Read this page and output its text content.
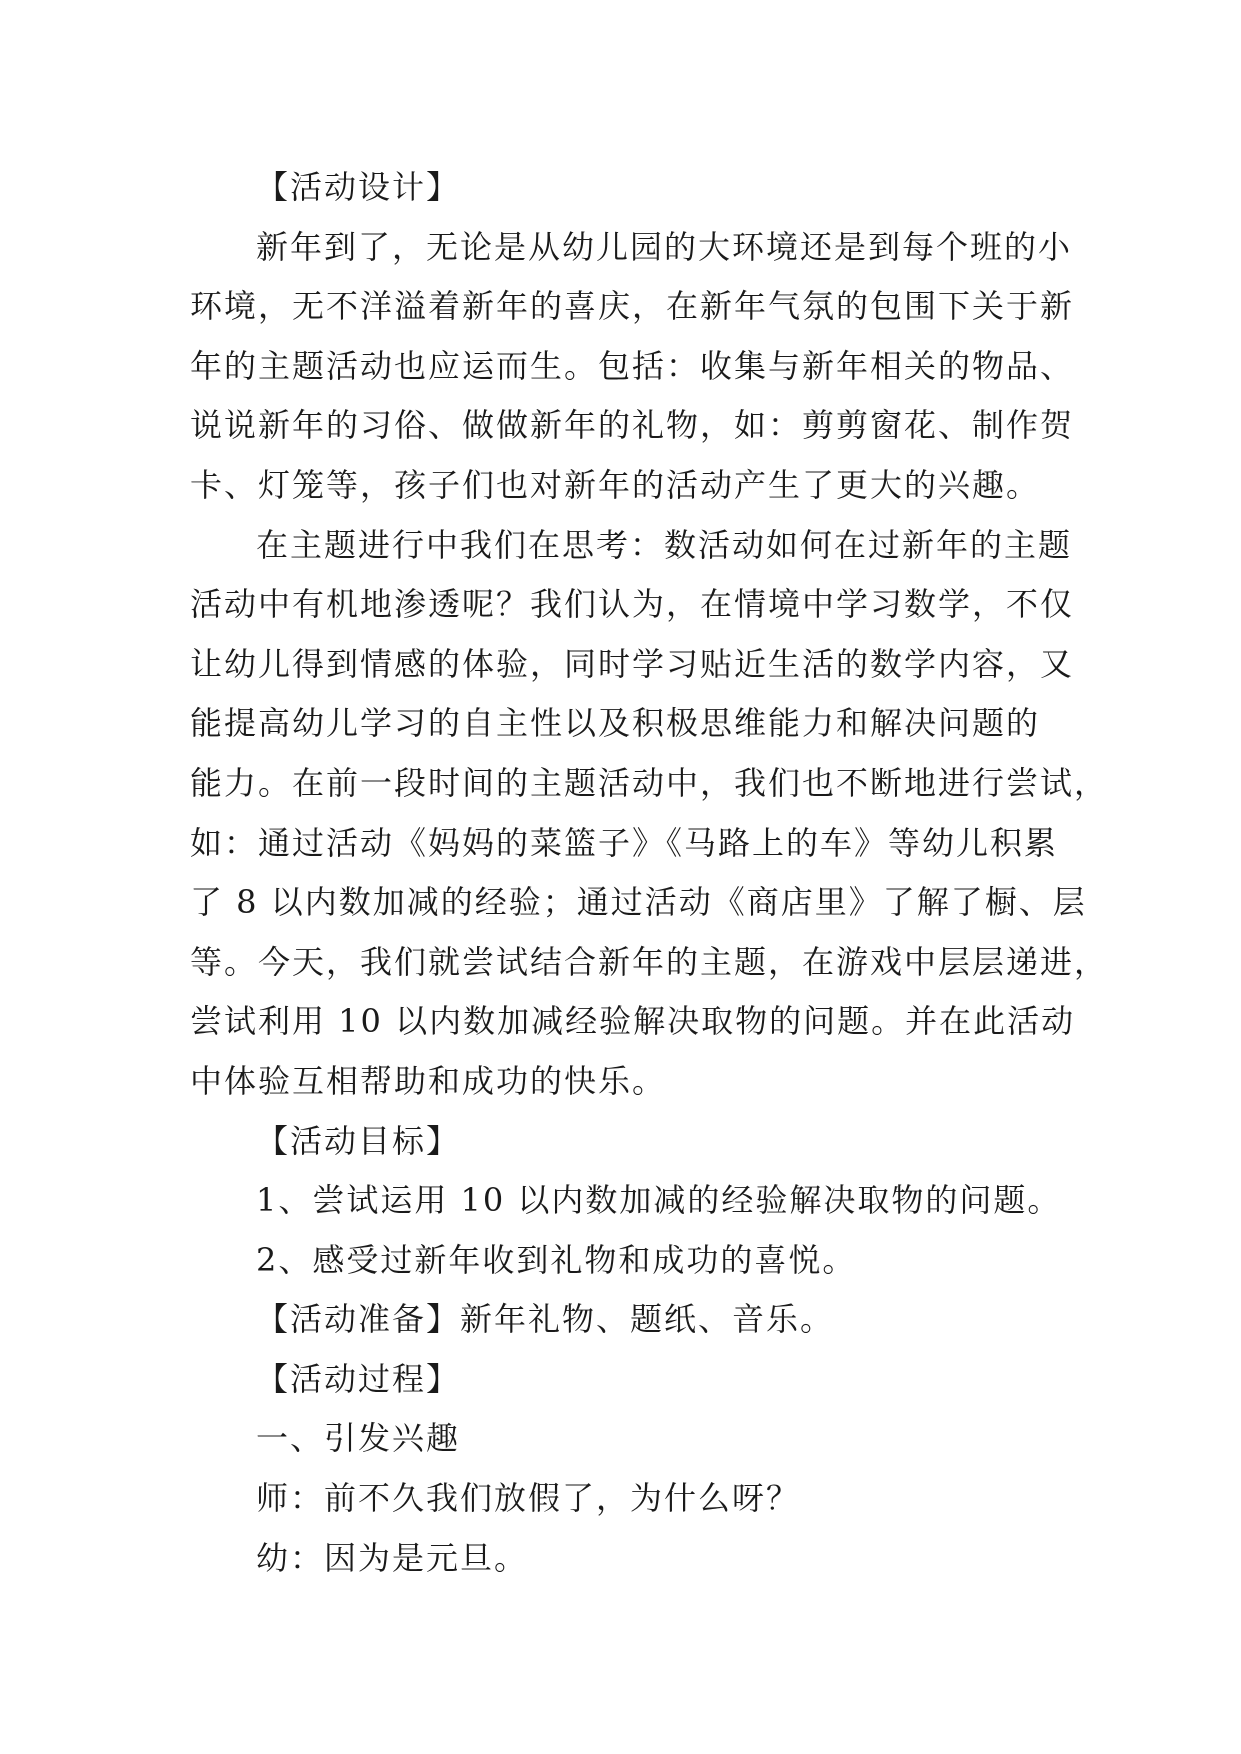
【活动设计】

新年到了，无论是从幼儿园的大环境还是到每个班的小

环境，无不洋溢着新年的喜庆，在新年气氛的包围下关于新

年的主题活动也应运而生。包括：收集与新年相关的物品、

说说新年的习俗、做做新年的礼物，如：剪剪窗花、制作贺

卡、灯笼等，孩子们也对新年的活动产生了更大的兴趣。

在主题进行中我们在思考：数活动如何在过新年的主题

活动中有机地渗透呢？我们认为，在情境中学习数学，不仅

让幼儿得到情感的体验，同时学习贴近生活的数学内容，又

能提高幼儿学习的自主性以及积极思维能力和解决问题的

能力。在前一段时间的主题活动中，我们也不断地进行尝试，

如：通过活动《妈妈的菜篮子》《马路上的车》等幼儿积累

了 8 以内数加减的经验；通过活动《商店里》了解了橱、层

等。今天，我们就尝试结合新年的主题，在游戏中层层递进，

尝试利用 10 以内数加减经验解决取物的问题。并在此活动

中体验互相帮助和成功的快乐。

【活动目标】

1、尝试运用 10 以内数加减的经验解决取物的问题。

2、感受过新年收到礼物和成功的喜悦。

【活动准备】新年礼物、题纸、音乐。

【活动过程】

一、引发兴趣

师：前不久我们放假了，为什么呀？

幼：因为是元旦。
